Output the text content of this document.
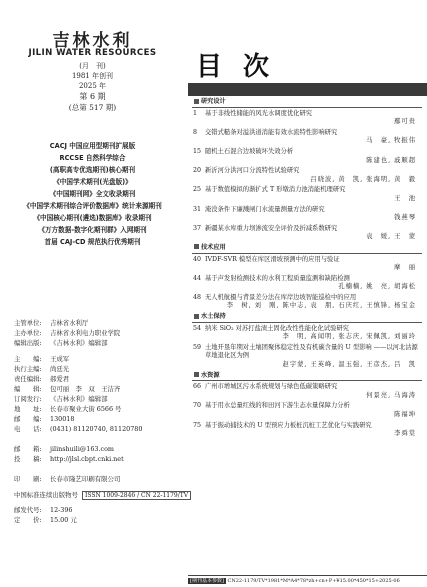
吉林水利
JILIN WATER RESOURCES
(月　刊)
1981 年创刊
2025 年
第 6 期
(总第 517 期)
CACJ 中国应用型期刊扩展版
RCCSE 自然科学综合
(高职高专优选期刊)核心期刊
《中国学术期刊(光盘版)》
《中国期刊网》全文收录期刊
《中国学术期刊综合评价数据库》统计来源期刊
《中国核心期刊(遴选)数据库》收录期刊
《万方数据-数字化期刊群》入网期刊
首届 CAJ-CD 规范执行优秀期刊
主管单位: 吉林省水利厅
主办单位: 吉林省水利电力职业学院
编辑出版: 《吉林水利》编辑部
主　　编: 王成军
执行主编: 尚廷光
责任编辑: 郝爱君
编　　辑: 包可丽　李　双　王洁齐
订阅发行: 《吉林水利》编辑部
地　　址: 长春市聚业大街 6566 号
邮　　编: 130018
电　　话: (0431) 81120740, 81120780
邮　　箱: jilinshuili@163.com
投　　稿: http://jlsl.cbpt.cnki.net
印　　刷: 长春市隆艺印刷有限公司
中国标准连续出版物号 ISSN 1009-2846 / CN 22-1179/TV
邮发代号: 12-396
定　　价: 15.00 元
目 次
研究设计
1	基于非线性储能的风光水调度优化研究
鄢可贵
8	交错式糙条对溢洪道消能有效水流特性影响研究
马　豪, 牧振伟
15 随机土石混合边坡破坏失效分析
陈建也, 戚顺超
20 新沂河分洪河口分流特性试验研究
吕晓波, 黄　凯, 张海明, 黄　毅
25 基于数值模拟的渐扩式 T 形墩消力池消能机理研究
王　池
31 淹没条件下廉溅闸门水流量测量方法的研究
钱燕琴
37 新疆某水库重力坝渗流安全评价及折减系数研究
袁　媛, 王　蒙
技术应用
40 IVDF-SVR 模型在库区滑坡预测中的应用与验证
摩　丽
44 基于声发射检测技术的水利工程质量监测和缺陷检测
孔楠楠, 姚　亮, 胡海松
48 无人机航摄与背景差分法在库岸边坡智能巡检中的应用
李　树, 刘　刚, 陈中志, 袁　朋, 石庆红, 王慎锋, 杨宝金
水土保持
54 纳米 SiO₂ 对苏打盐渍土固化改性性能化化试验研究
李　明, 高闻明, 张志庆, 宋佩凯, 刘丽玲
59 土地开垦年期对土壤团聚体稳定性及有机碳含量的 U 型影响 ——以河北沽源草地退化区为例
赵宇蒙, 王英峰, 温玉强, 王彦杰, 吕　凯
水资源
66 广州市增城区污水系统规划与绿色低碳策略研究
何景亮, 马海涛
70 基于用水总量红线的和田河下游生态水量保障力分析
陈福坤
75 基于振动捕技术的 U 型预应力板桩沉桩工艺优化与实践研究
李舜棠
[期刊基本参数] CN22-1179/TV*1981*M*A4*78*zh+cn+P+¥15.00*450*15+2025-06
